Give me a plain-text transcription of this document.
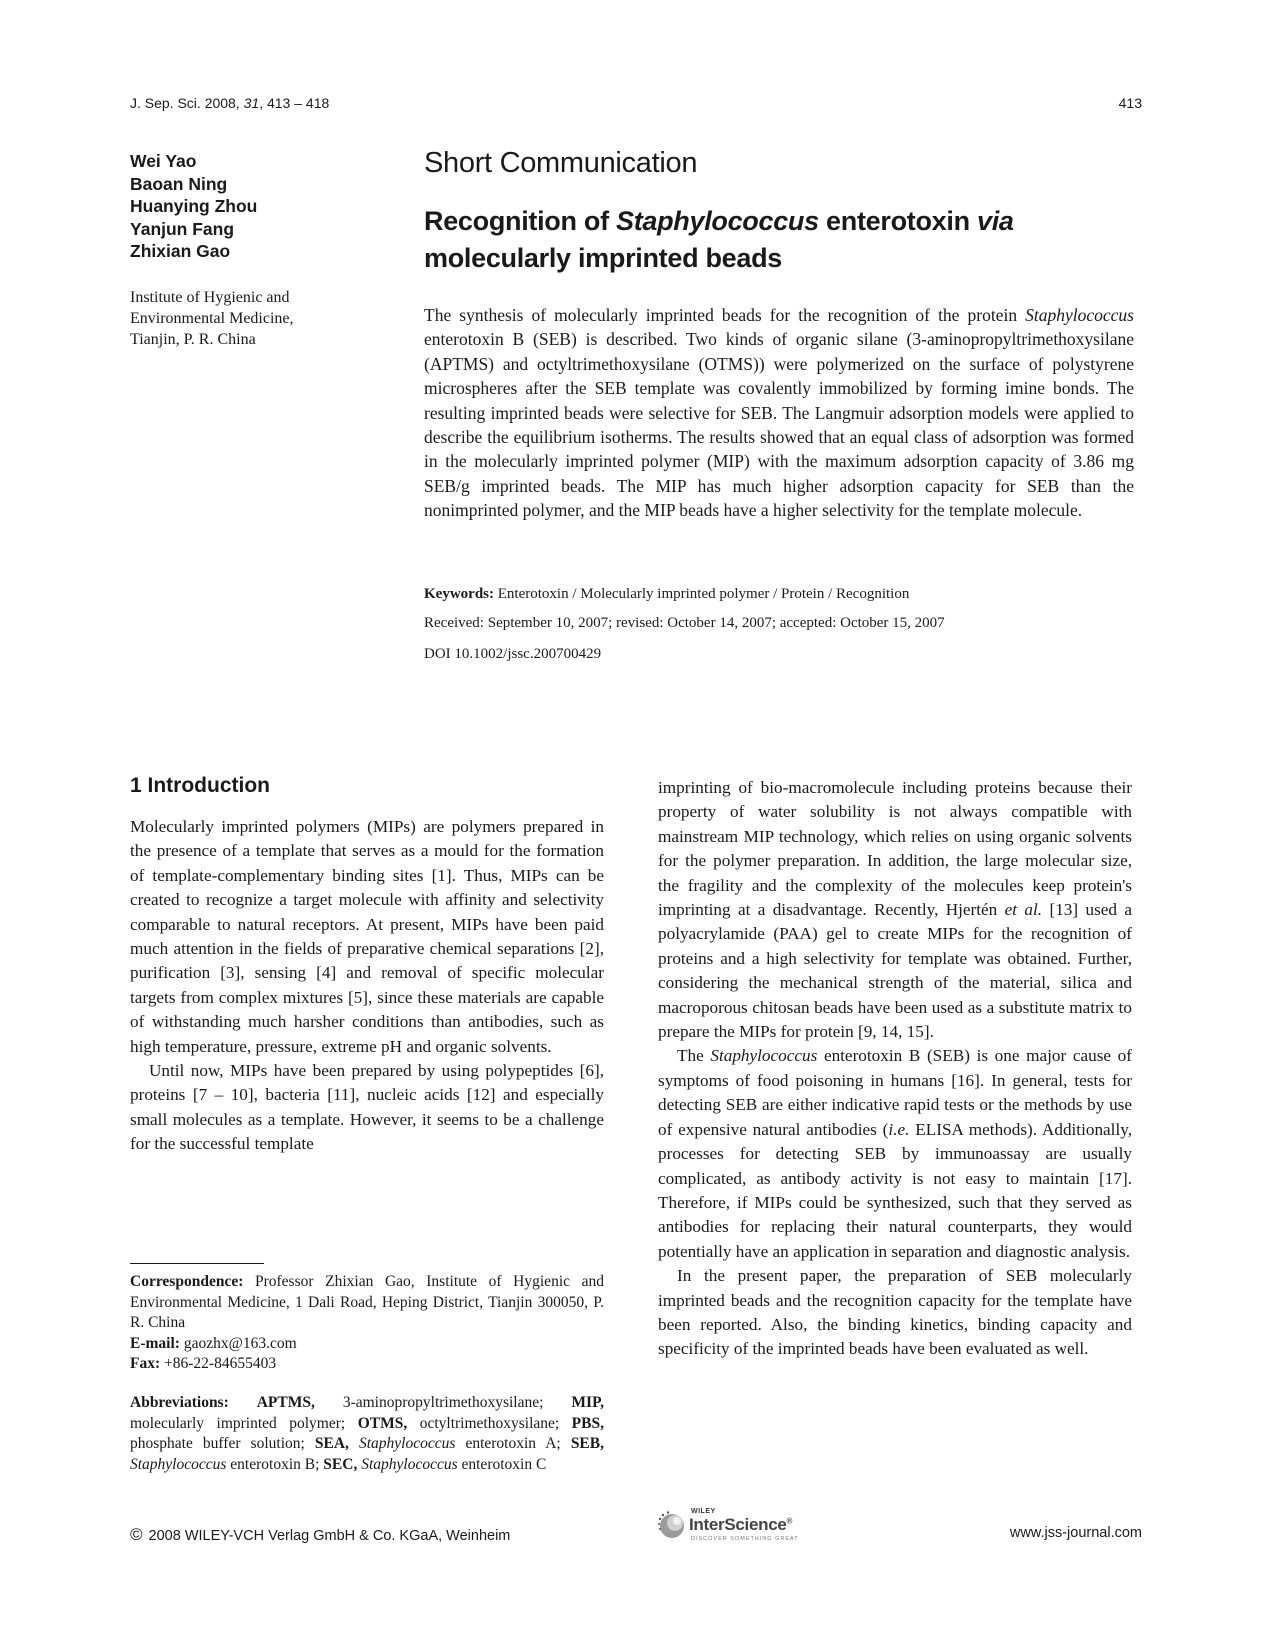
J. Sep. Sci. 2008, 31, 413 – 418	413
Wei Yao
Baoan Ning
Huanying Zhou
Yanjun Fang
Zhixian Gao
Institute of Hygienic and
Environmental Medicine,
Tianjin, P. R. China
Short Communication
Recognition of Staphylococcus enterotoxin via
molecularly imprinted beads

The synthesis of molecularly imprinted beads for the recognition of the protein Staphylococcus enterotoxin B (SEB) is described. Two kinds of organic silane (3-aminopropyltrimethoxysilane (APTMS) and octyltrimethoxysilane (OTMS)) were polymerized on the surface of polystyrene microspheres after the SEB template was covalently immobilized by forming imine bonds. The resulting imprinted beads were selective for SEB. The Langmuir adsorption models were applied to describe the equilibrium isotherms. The results showed that an equal class of adsorption was formed in the molecularly imprinted polymer (MIP) with the maximum adsorption capacity of 3.86 mg SEB/g imprinted beads. The MIP has much higher adsorption capacity for SEB than the nonimprinted polymer, and the MIP beads have a higher selectivity for the template molecule.

Keywords: Enterotoxin / Molecularly imprinted polymer / Protein / Recognition
Received: September 10, 2007; revised: October 14, 2007; accepted: October 15, 2007
DOI 10.1002/jssc.200700429
1 Introduction

Molecularly imprinted polymers (MIPs) are polymers prepared in the presence of a template that serves as a mould for the formation of template-complementary binding sites [1]. Thus, MIPs can be created to recognize a target molecule with affinity and selectivity comparable to natural receptors. At present, MIPs have been paid much attention in the fields of preparative chemical separations [2], purification [3], sensing [4] and removal of specific molecular targets from complex mixtures [5], since these materials are capable of withstanding much harsher conditions than antibodies, such as high temperature, pressure, extreme pH and organic solvents.

Until now, MIPs have been prepared by using polypeptides [6], proteins [7 – 10], bacteria [11], nucleic acids [12] and especially small molecules as a template. However, it seems to be a challenge for the successful template

imprinting of bio-macromolecule including proteins because their property of water solubility is not always compatible with mainstream MIP technology, which relies on using organic solvents for the polymer preparation. In addition, the large molecular size, the fragility and the complexity of the molecules keep protein's imprinting at a disadvantage. Recently, Hjertén et al. [13] used a polyacrylamide (PAA) gel to create MIPs for the recognition of proteins and a high selectivity for template was obtained. Further, considering the mechanical strength of the material, silica and macroporous chitosan beads have been used as a substitute matrix to prepare the MIPs for protein [9, 14, 15].

The Staphylococcus enterotoxin B (SEB) is one major cause of symptoms of food poisoning in humans [16]. In general, tests for detecting SEB are either indicative rapid tests or the methods by use of expensive natural antibodies (i.e. ELISA methods). Additionally, processes for detecting SEB by immunoassay are usually complicated, as antibody activity is not easy to maintain [17]. Therefore, if MIPs could be synthesized, such that they served as antibodies for replacing their natural counterparts, they would potentially have an application in separation and diagnostic analysis.

In the present paper, the preparation of SEB molecularly imprinted beads and the recognition capacity for the template have been reported. Also, the binding kinetics, binding capacity and specificity of the imprinted beads have been evaluated as well.

Correspondence: Professor Zhixian Gao, Institute of Hygienic and Environmental Medicine, 1 Dali Road, Heping District, Tianjin 300050, P. R. China

E-mail: gaozhx@163.com

Fax: +86-22-84655403

Abbreviations: APTMS, 3-aminopropyltrimethoxysilane; MIP, molecularly imprinted polymer; OTMS, octyltrimethoxysilane; PBS, phosphate buffer solution; SEA, Staphylococcus enterotoxin A; SEB, Staphylococcus enterotoxin B; SEC, Staphylococcus enterotoxin C

© 2008 WILEY-VCH Verlag GmbH & Co. KGaA, Weinheim
WILEY
InterScience®
DISCOVER SOMETHING GREAT	www.jss-journal.com
